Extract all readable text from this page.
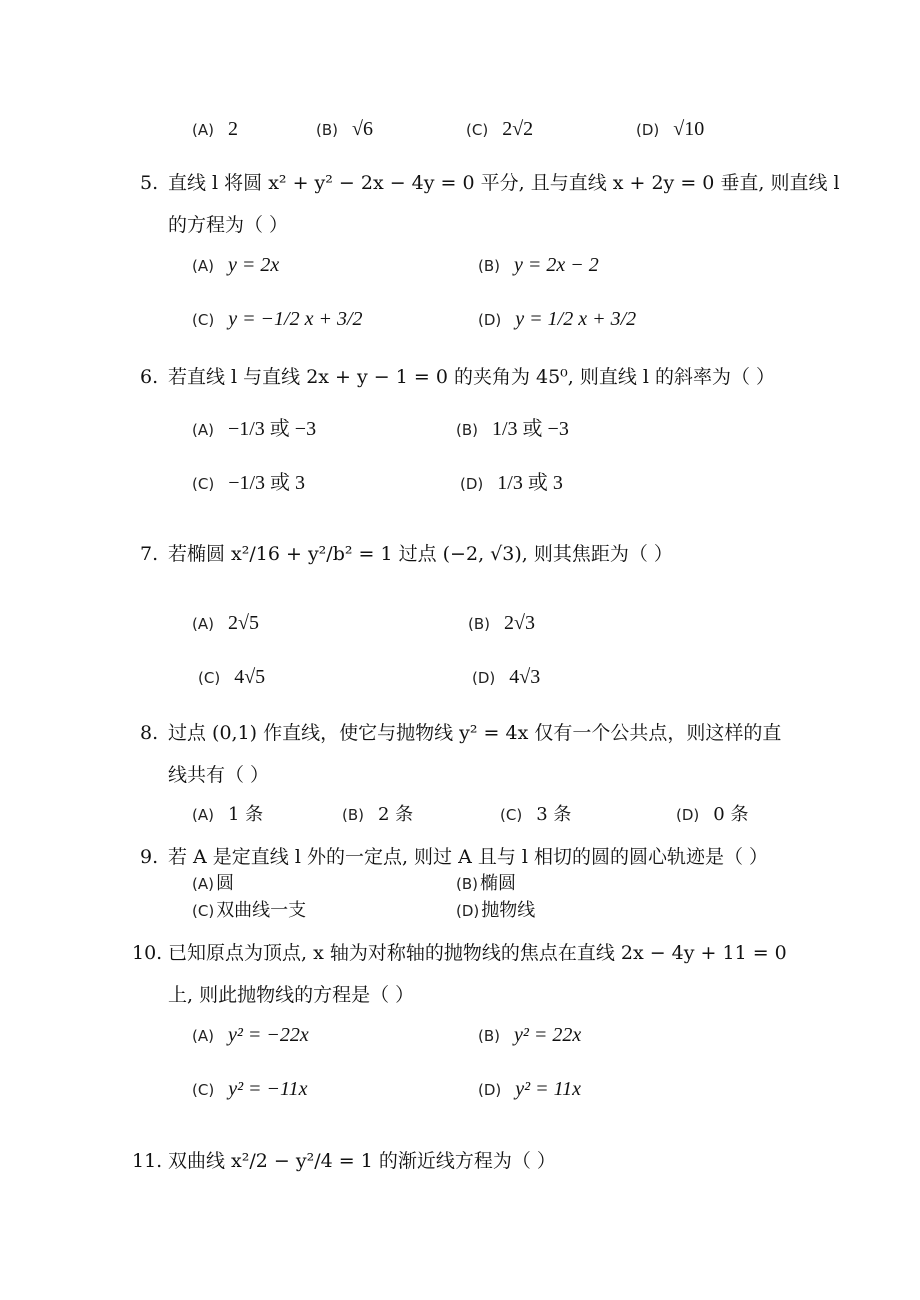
(A) 2	(B) √6	(C) 2√2	(D) √10
5. 直线 l 将圆 x² + y² − 2x − 4y = 0 平分, 且与直线 x + 2y = 0 垂直, 则直线 l
的方程为（ ）
(A) y = 2x	(B) y = 2x − 2
(C) y = −1/2 x + 3/2	(D) y = 1/2 x + 3/2
6. 若直线 l 与直线 2x + y − 1 = 0 的夹角为 45⁰, 则直线 l 的斜率为（ ）
(A) −1/3 或 −3	(B) 1/3 或 −3
(C) −1/3 或 3	(D) 1/3 或 3
7. 若椭圆 x²/16 + y²/b² = 1 过点 (−2, √3), 则其焦距为（ ）
(A) 2√5	(B) 2√3
(C) 4√5	(D) 4√3
8. 过点 (0,1) 作直线，使它与抛物线 y² = 4x 仅有一个公共点，则这样的直
线共有（ ）
(A) 1 条	(B) 2 条	(C) 3 条	(D) 0 条
9. 若 A 是定直线 l 外的一定点, 则过 A 且与 l 相切的圆的圆心轨迹是（ ）
(A) 圆	(B) 椭圆
(C) 双曲线一支	(D) 抛物线
10. 已知原点为顶点, x 轴为对称轴的抛物线的焦点在直线 2x − 4y + 11 = 0
上, 则此抛物线的方程是（ ）
(A) y² = −22x	(B) y² = 22x
(C) y² = −11x	(D) y² = 11x
11. 双曲线 x²/2 − y²/4 = 1 的渐近线方程为（ ）
